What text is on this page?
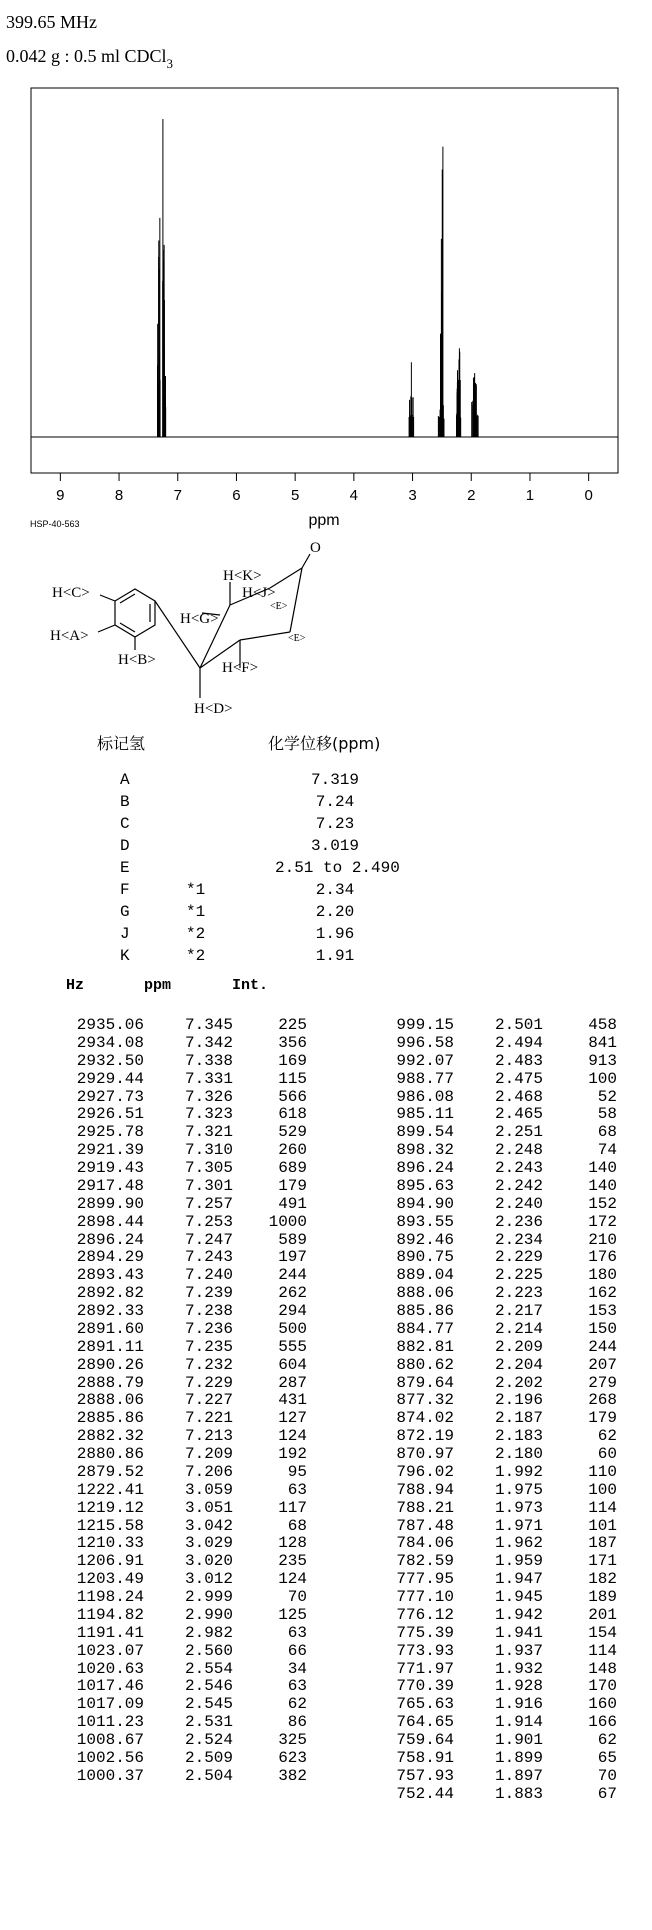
399.65 MHz
0.042 g : 0.5 ml CDCl$_3$
9	8	7	6	5	4	3	2	1	0
ppm
HSP-40-563
O
H<C>
H<A>
H<B>
H<D>
H<K>
H<J>
H<G>
H<F>
<E>
<E>
标记氢	化学位移(ppm)
A	7.319
B	7.24
C	7.23
D	3.019
E	2.51 to 2.490
F	*1	2.34
G	*1	2.20
J	*2	1.96
K	*2	1.91
Hz	ppm	Int.
2935.06	7.345	225
2934.08	7.342	356
2932.50	7.338	169
2929.44	7.331	115
2927.73	7.326	566
2926.51	7.323	618
2925.78	7.321	529
2921.39	7.310	260
2919.43	7.305	689
2917.48	7.301	179
2899.90	7.257	491
2898.44	7.253	1000
2896.24	7.247	589
2894.29	7.243	197
2893.43	7.240	244
2892.82	7.239	262
2892.33	7.238	294
2891.60	7.236	500
2891.11	7.235	555
2890.26	7.232	604
2888.79	7.229	287
2888.06	7.227	431
2885.86	7.221	127
2882.32	7.213	124
2880.86	7.209	192
2879.52	7.206	95
1222.41	3.059	63
1219.12	3.051	117
1215.58	3.042	68
1210.33	3.029	128
1206.91	3.020	235
1203.49	3.012	124
1198.24	2.999	70
1194.82	2.990	125
1191.41	2.982	63
1023.07	2.560	66
1020.63	2.554	34
1017.46	2.546	63
1017.09	2.545	62
1011.23	2.531	86
1008.67	2.524	325
1002.56	2.509	623
1000.37	2.504	382
999.15	2.501	458
996.58	2.494	841
992.07	2.483	913
988.77	2.475	100
986.08	2.468	52
985.11	2.465	58
899.54	2.251	68
898.32	2.248	74
896.24	2.243	140
895.63	2.242	140
894.90	2.240	152
893.55	2.236	172
892.46	2.234	210
890.75	2.229	176
889.04	2.225	180
888.06	2.223	162
885.86	2.217	153
884.77	2.214	150
882.81	2.209	244
880.62	2.204	207
879.64	2.202	279
877.32	2.196	268
874.02	2.187	179
872.19	2.183	62
870.97	2.180	60
796.02	1.992	110
788.94	1.975	100
788.21	1.973	114
787.48	1.971	101
784.06	1.962	187
782.59	1.959	171
777.95	1.947	182
777.10	1.945	189
776.12	1.942	201
775.39	1.941	154
773.93	1.937	114
771.97	1.932	148
770.39	1.928	170
765.63	1.916	160
764.65	1.914	166
759.64	1.901	62
758.91	1.899	65
757.93	1.897	70
752.44	1.883	67
